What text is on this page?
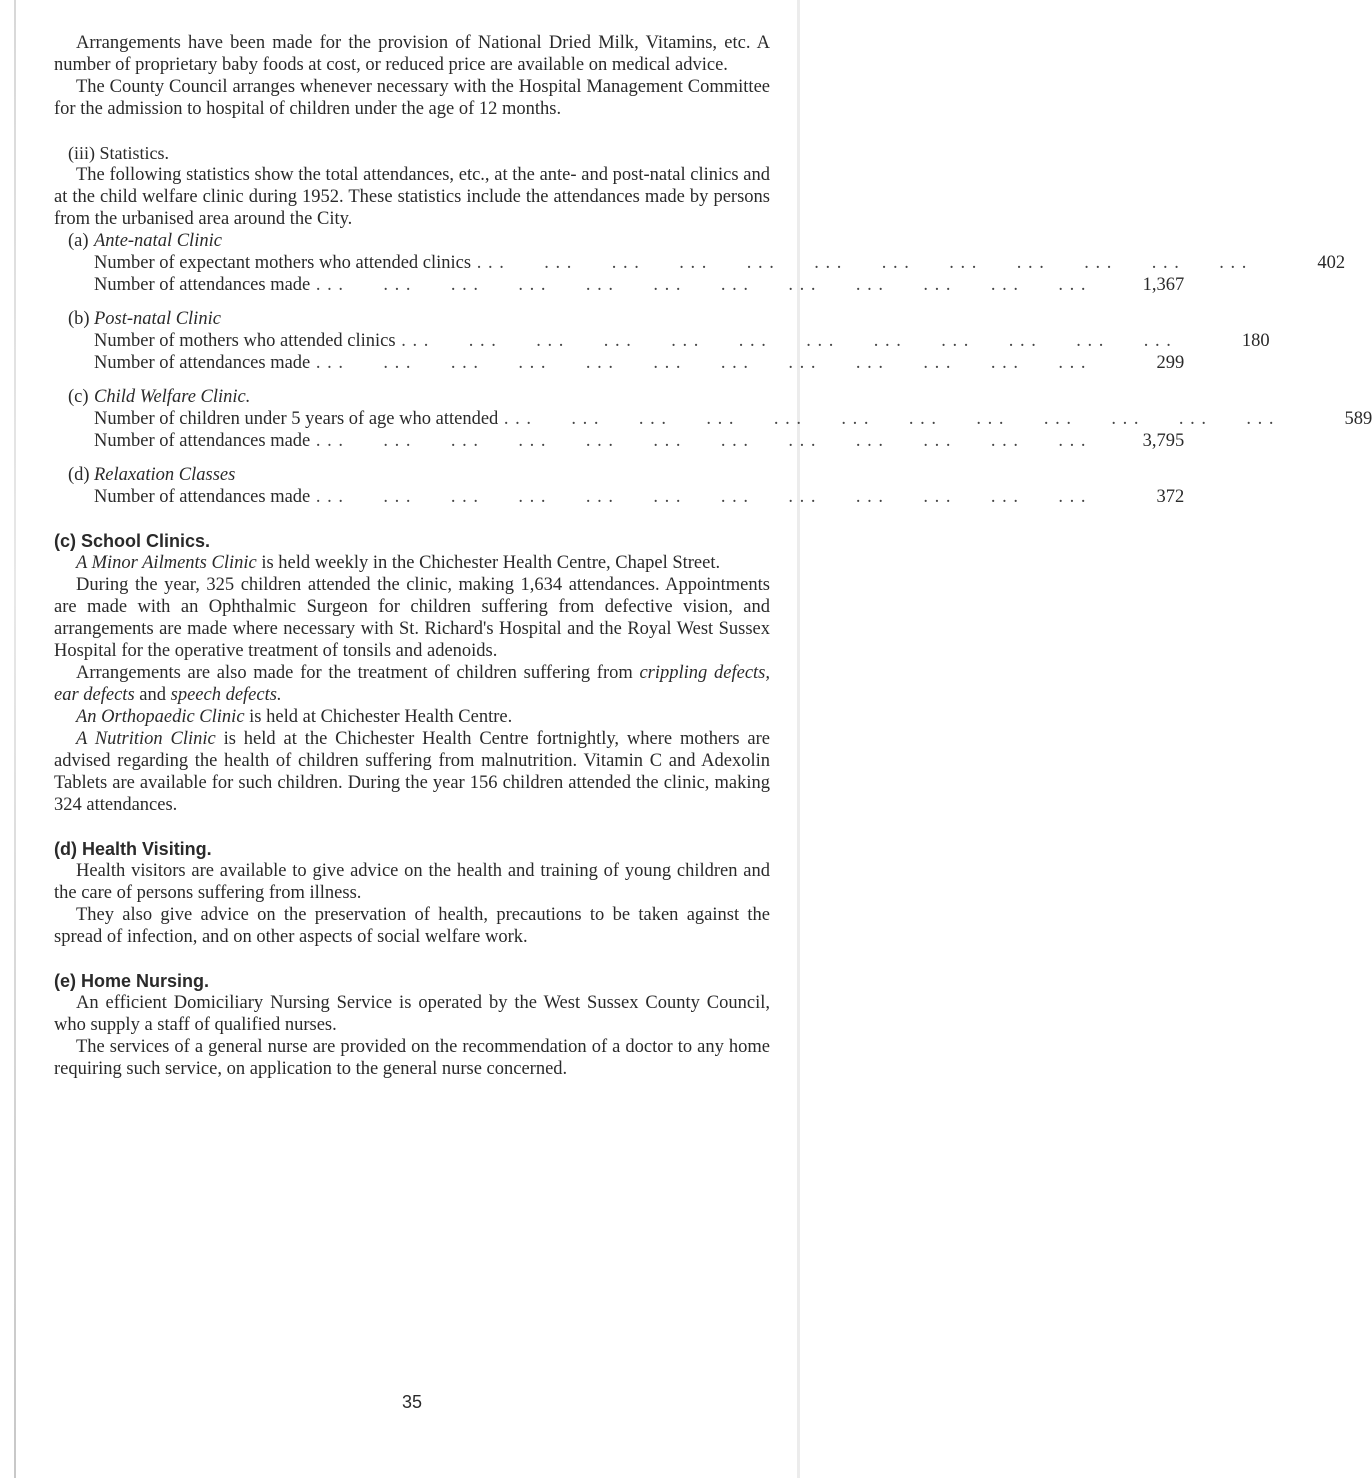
Arrangements have been made for the provision of National Dried Milk, Vitamins, etc. A number of proprietary baby foods at cost, or reduced price are available on medical advice.

The County Council arranges whenever necessary with the Hospital Management Committee for the admission to hospital of children under the age of 12 months.

(iii) Statistics.

The following statistics show the total attendances, etc., at the ante- and post-natal clinics and at the child welfare clinic during 1952. These statistics include the attendances made by persons from the urbanised area around the City.

(a) Ante-natal Clinic
Number of expectant mothers who attended clinics . . .       . . .       . . .       . . .       . . .       . . .       . . .       . . .       . . .       . . .       . . .       . . .	402
Number of attendances made . . .       . . .       . . .       . . .       . . .       . . .       . . .       . . .       . . .       . . .       . . .       . . .	1,367
(b) Post-natal Clinic
Number of mothers who attended clinics . . .       . . .       . . .       . . .       . . .       . . .       . . .       . . .       . . .       . . .       . . .       . . .	180
Number of attendances made . . .       . . .       . . .       . . .       . . .       . . .       . . .       . . .       . . .       . . .       . . .       . . .	299
(c) Child Welfare Clinic.
Number of children under 5 years of age who attended . . .       . . .       . . .       . . .       . . .       . . .       . . .       . . .       . . .       . . .       . . .       . . .	589
Number of attendances made . . .       . . .       . . .       . . .       . . .       . . .       . . .       . . .       . . .       . . .       . . .       . . .	3,795
(d) Relaxation Classes
Number of attendances made . . .       . . .       . . .       . . .       . . .       . . .       . . .       . . .       . . .       . . .       . . .       . . .	372
(c) School Clinics.

A Minor Ailments Clinic is held weekly in the Chichester Health Centre, Chapel Street.

During the year, 325 children attended the clinic, making 1,634 attendances. Appointments are made with an Ophthalmic Surgeon for children suffering from defective vision, and arrangements are made where necessary with St. Richard's Hospital and the Royal West Sussex Hospital for the operative treatment of tonsils and adenoids.

Arrangements are also made for the treatment of children suffering from crippling defects, ear defects and speech defects.

An Orthopaedic Clinic is held at Chichester Health Centre.

A Nutrition Clinic is held at the Chichester Health Centre fortnightly, where mothers are advised regarding the health of children suffering from malnutrition. Vitamin C and Adexolin Tablets are available for such children. During the year 156 children attended the clinic, making 324 attendances.

(d) Health Visiting.

Health visitors are available to give advice on the health and training of young children and the care of persons suffering from illness.

They also give advice on the preservation of health, precautions to be taken against the spread of infection, and on other aspects of social welfare work.

(e) Home Nursing.

An efficient Domiciliary Nursing Service is operated by the West Sussex County Council, who supply a staff of qualified nurses.

The services of a general nurse are provided on the recommendation of a doctor to any home requiring such service, on application to the general nurse concerned.

35
